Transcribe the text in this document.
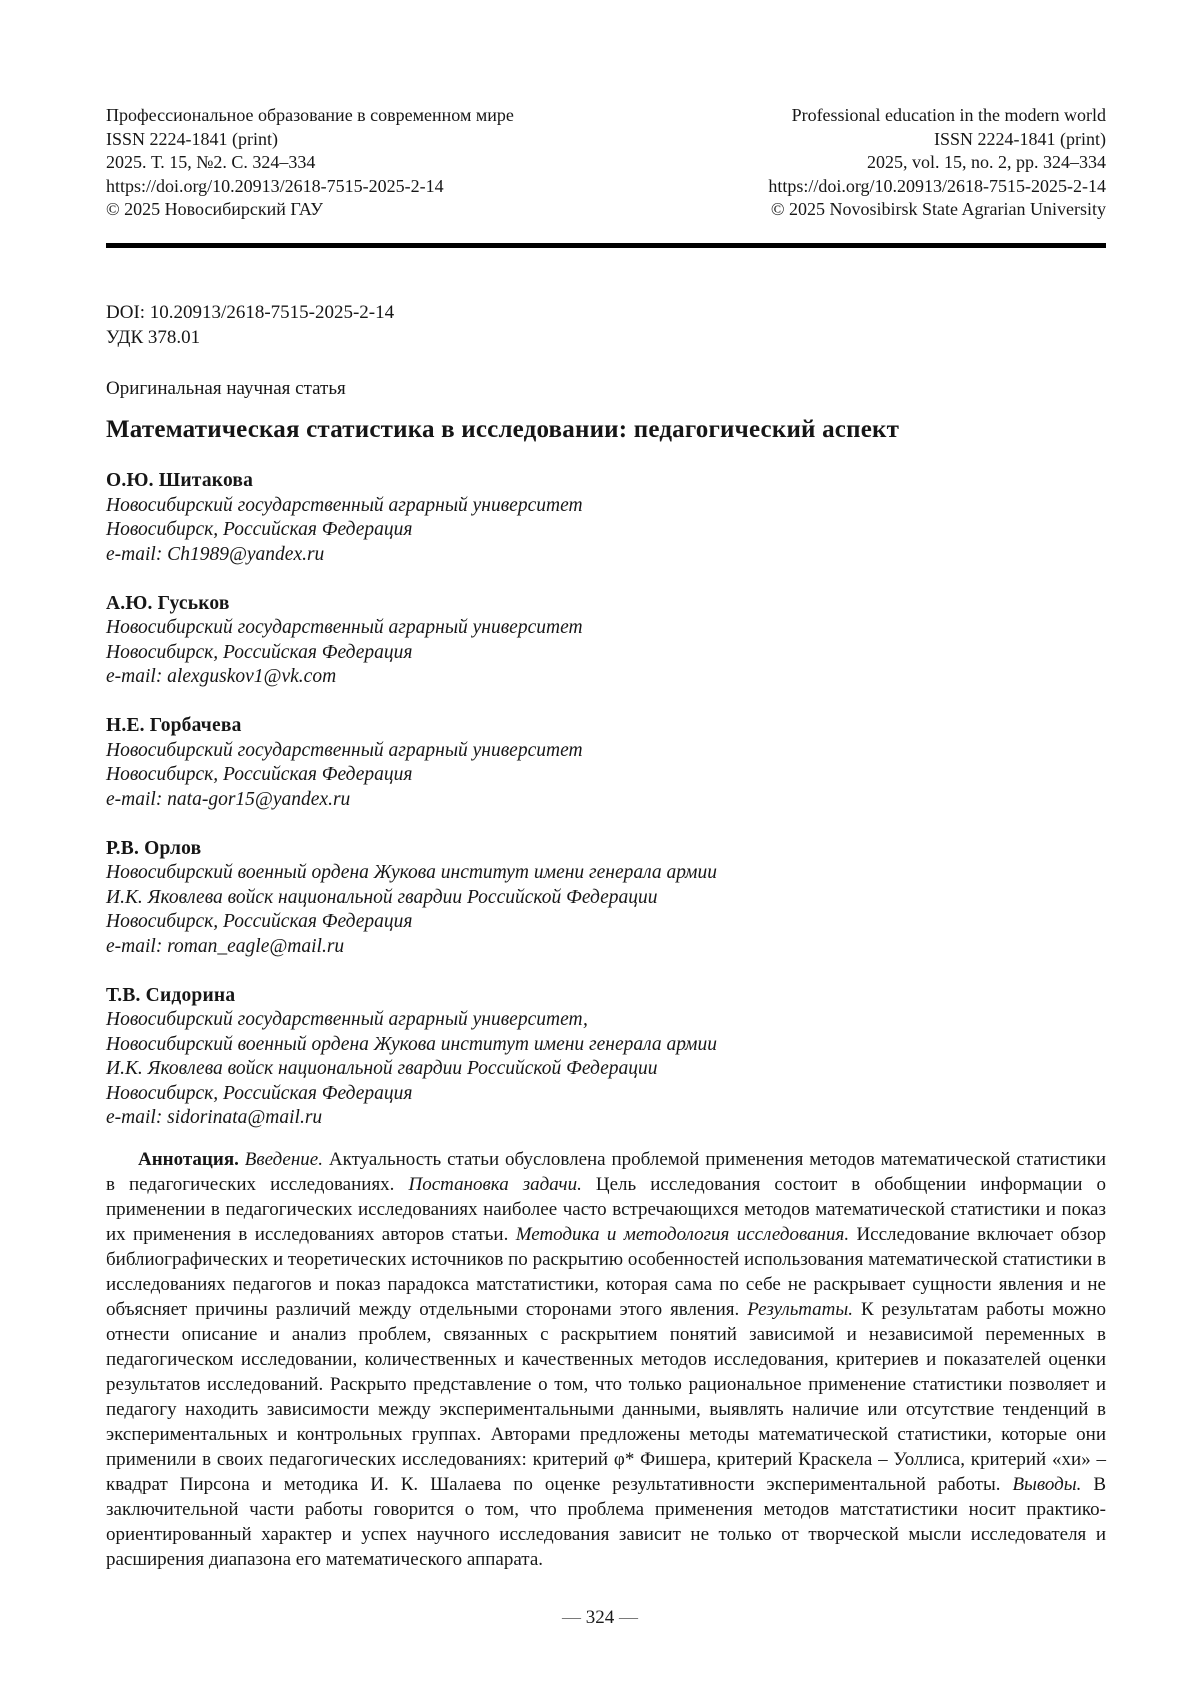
Профессиональное образование в современном мире
ISSN 2224-1841 (print)
2025. Т. 15, №2. С. 324–334
https://doi.org/10.20913/2618-7515-2025-2-14
© 2025 Новосибирский ГАУ
Professional education in the modern world
ISSN 2224-1841 (print)
2025, vol. 15, no. 2, pp. 324–334
https://doi.org/10.20913/2618-7515-2025-2-14
© 2025 Novosibirsk State Agrarian University
DOI: 10.20913/2618-7515-2025-2-14
УДК 378.01
Оригинальная научная статья
Математическая статистика в исследовании: педагогический аспект
О.Ю. Шитакова
Новосибирский государственный аграрный университет
Новосибирск, Российская Федерация
e-mail: Ch1989@yandex.ru
А.Ю. Гуськов
Новосибирский государственный аграрный университет
Новосибирск, Российская Федерация
e-mail: alexguskov1@vk.com
Н.Е. Горбачева
Новосибирский государственный аграрный университет
Новосибирск, Российская Федерация
e-mail: nata-gor15@yandex.ru
Р.В. Орлов
Новосибирский военный ордена Жукова институт имени генерала армии
И.К. Яковлева войск национальной гвардии Российской Федерации
Новосибирск, Российская Федерация
e-mail: roman_eagle@mail.ru
Т.В. Сидорина
Новосибирский государственный аграрный университет,
Новосибирский военный ордена Жукова институт имени генерала армии
И.К. Яковлева войск национальной гвардии Российской Федерации
Новосибирск, Российская Федерация
e-mail: sidorinata@mail.ru

Аннотация. Введение. Актуальность статьи обусловлена проблемой применения методов математической статистики в педагогических исследованиях. Постановка задачи. Цель исследования состоит в обобщении информации о применении в педагогических исследованиях наиболее часто встречающихся методов математической статистики и показ их применения в исследованиях авторов статьи. Методика и методология исследования. Исследование включает обзор библиографических и теоретических источников по раскрытию особенностей использования математической статистики в исследованиях педагогов и показ парадокса матстатистики, которая сама по себе не раскрывает сущности явления и не объясняет причины различий между отдельными сторонами этого явления. Результаты. К результатам работы можно отнести описание и анализ проблем, связанных с раскрытием понятий зависимой и независимой переменных в педагогическом исследовании, количественных и качественных методов исследования, критериев и показателей оценки результатов исследований. Раскрыто представление о том, что только рациональное применение статистики позволяет и педагогу находить зависимости между экспериментальными данными, выявлять наличие или отсутствие тенденций в экспериментальных и контрольных группах. Авторами предложены методы математической статистики, которые они применили в своих педагогических исследованиях: критерий φ* Фишера, критерий Краскела – Уоллиса, критерий «хи» – квадрат Пирсона и методика И. К. Шалаева по оценке результативности экспериментальной работы. Выводы. В заключительной части работы говорится о том, что проблема применения методов матстатистики носит практико-ориентированный характер и успех научного исследования зависит не только от творческой мысли исследователя и расширения диапазона его математического аппарата.

— 324 —
